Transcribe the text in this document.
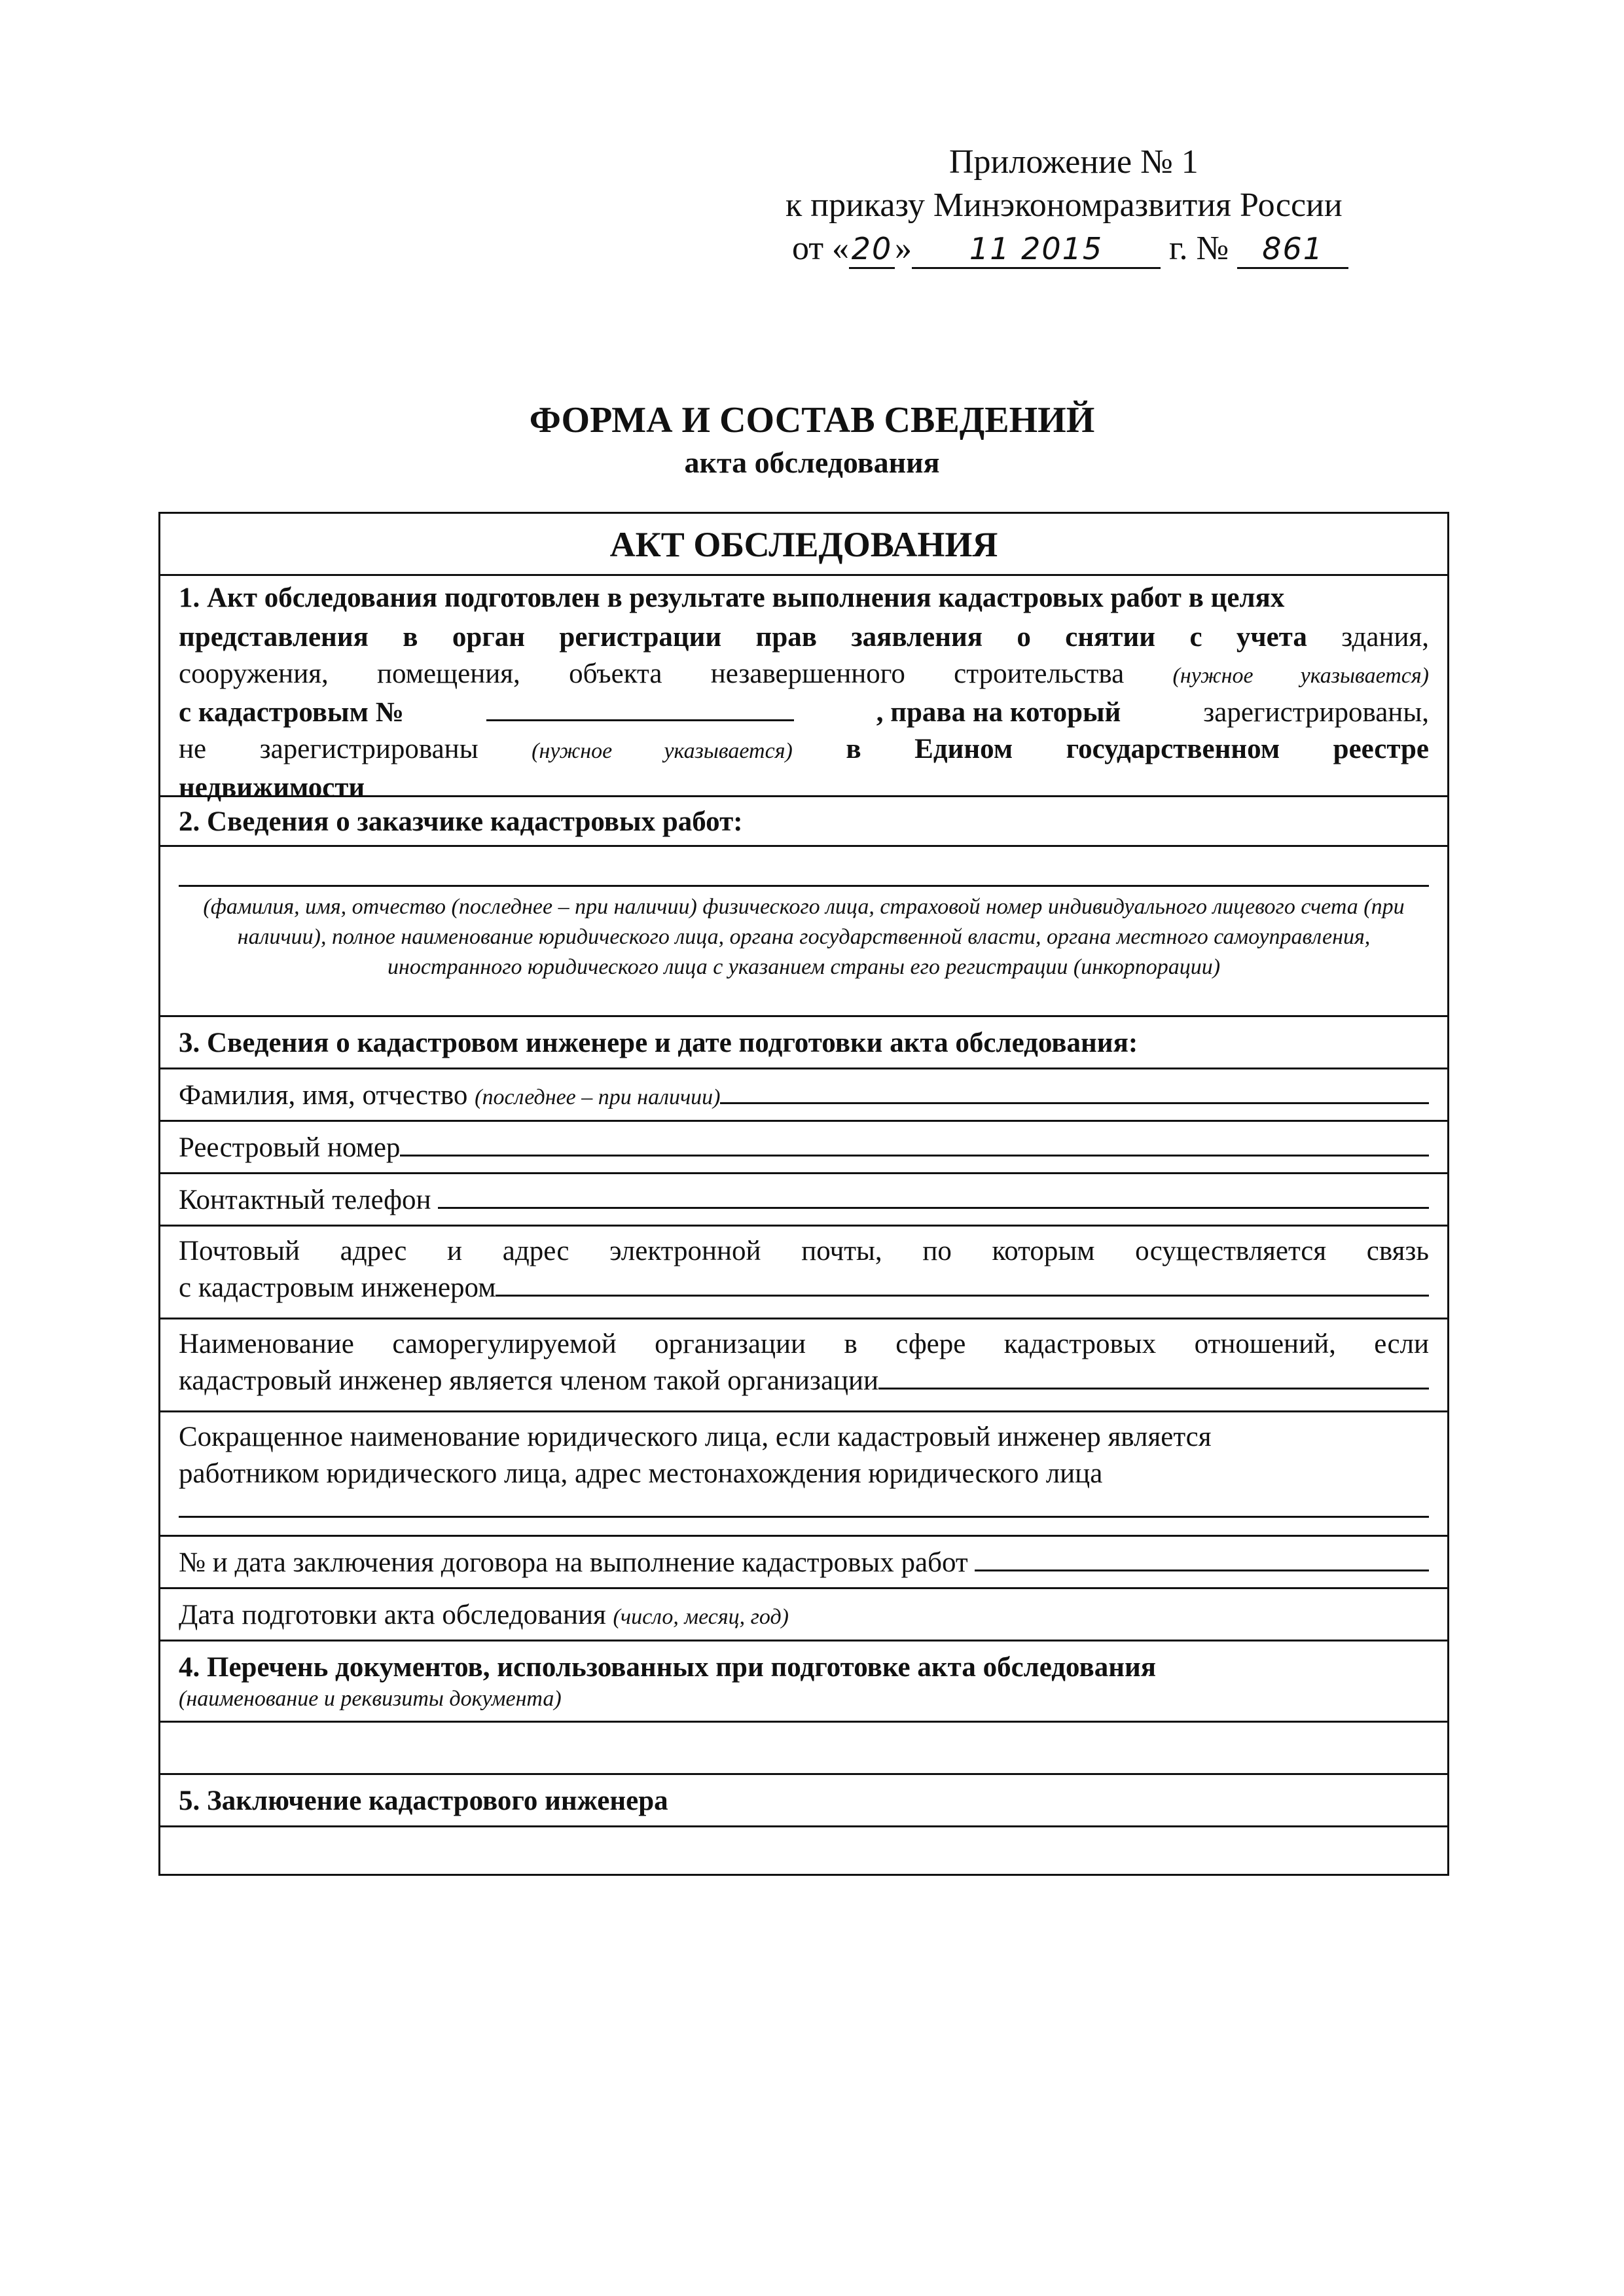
Приложение № 1
к приказу Минэкономразвития России
от «20» 11 2015 г. № 861
ФОРМА И СОСТАВ СВЕДЕНИЙ
акта обследования
АКТ ОБСЛЕДОВАНИЯ
1. Акт обследования подготовлен в результате выполнения кадастровых работ в целях
представления в орган регистрации прав заявления о снятии с учета здания,
сооружения, помещения, объекта незавершенного строительства (нужное указывается)
с кадастровым №	, права на который	зарегистрированы,
не зарегистрированы (нужное указывается) в Едином государственном реестре
недвижимости
2. Сведения о заказчике кадастровых работ:
(фамилия, имя, отчество (последнее – при наличии) физического лица, страховой номер индивидуального лицевого счета (при наличии), полное наименование юридического лица, органа государственной власти, органа местного самоуправления, иностранного юридического лица с указанием страны его регистрации (инкорпорации)
3. Сведения о кадастровом инженере и дате подготовки акта обследования:
Фамилия, имя, отчество
(последнее – при наличии)
Реестровый номер
Контактный телефон

Почтовый адрес и адрес электронной почты, по которым осуществляется связь
с кадастровым инженером
Наименование саморегулируемой организации в сфере кадастровых отношений, если
кадастровый инженер является членом такой организации
Сокращенное наименование юридического лица, если кадастровый инженер является
работником юридического лица, адрес местонахождения юридического лица
№ и дата заключения договора на выполнение кадастровых работ

Дата подготовки акта обследования (число, месяц, год)
4. Перечень документов, использованных при подготовке акта обследования
(наименование и реквизиты документа)
5. Заключение кадастрового инженера
